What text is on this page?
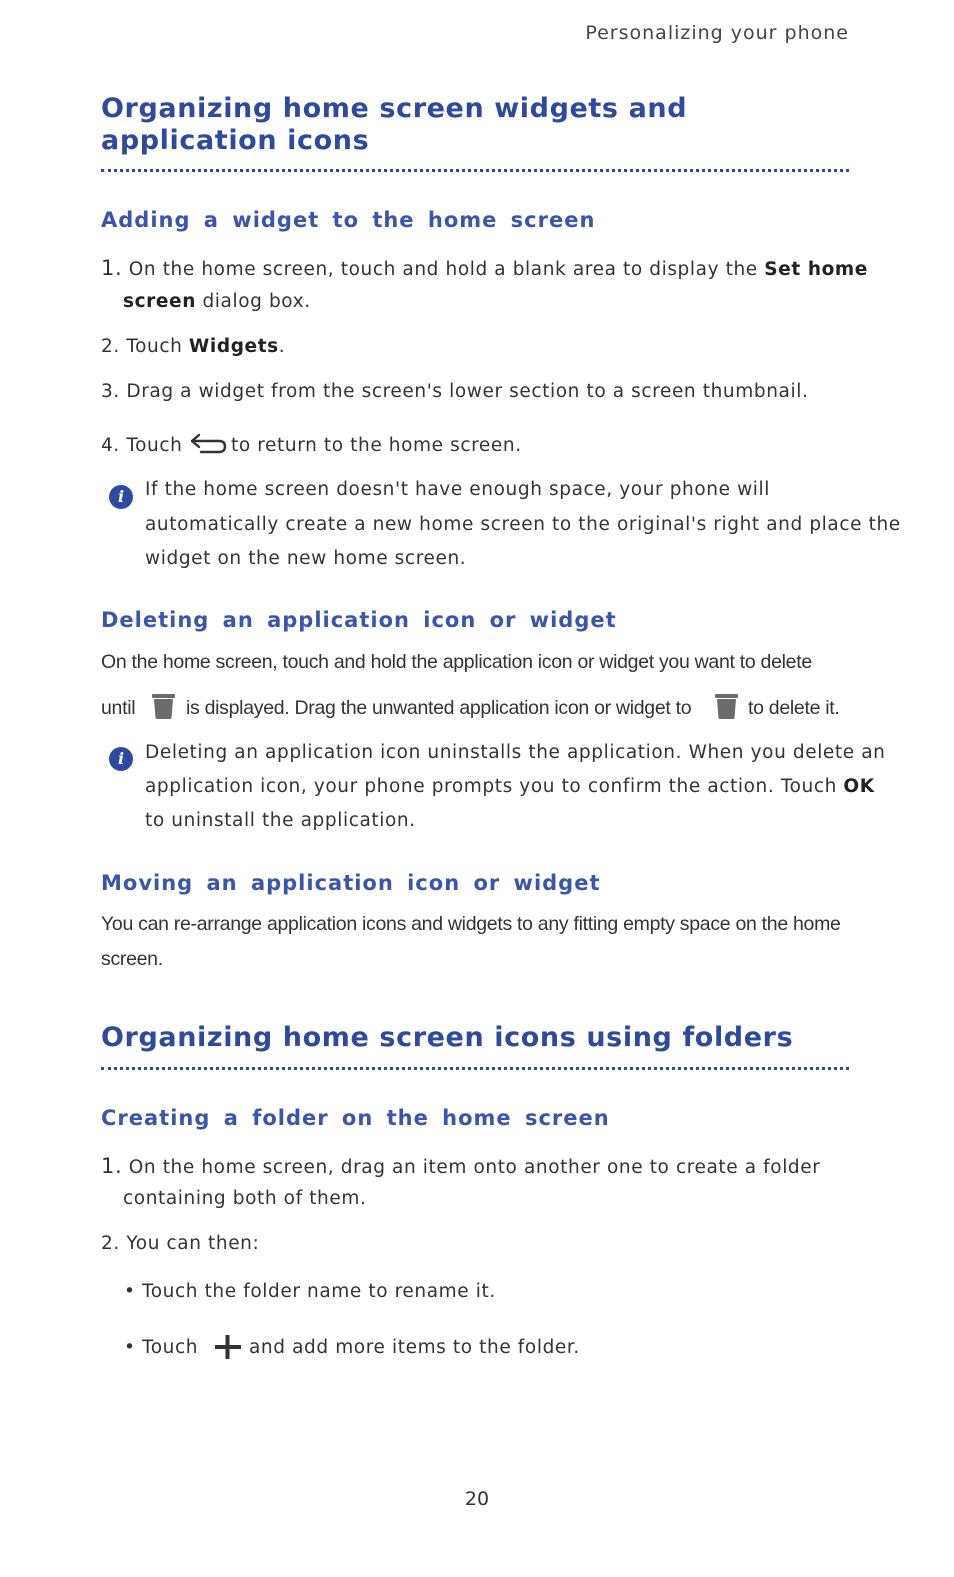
Personalizing your phone
Organizing home screen widgets and application icons
Adding a widget to the home screen
1. On the home screen, touch and hold a blank area to display the Set home
screen dialog box.
2. Touch Widgets.
3. Drag a widget from the screen's lower section to a screen thumbnail.
4. Touch	to return to the home screen.
i	If the home screen doesn't have enough space, your phone will
automatically create a new home screen to the original's right and place the
widget on the new home screen.
Deleting an application icon or widget
On the home screen, touch and hold the application icon or widget you want to delete
until	is displayed. Drag the unwanted application icon or widget to	to delete it.
i	Deleting an application icon uninstalls the application. When you delete an
application icon, your phone prompts you to confirm the action. Touch OK
to uninstall the application.
Moving an application icon or widget
You can re-arrange application icons and widgets to any fitting empty space on the home
screen.
Organizing home screen icons using folders
Creating a folder on the home screen
1. On the home screen, drag an item onto another one to create a folder
containing both of them.
2. You can then:
• Touch the folder name to rename it.
• Touch	and add more items to the folder.
20
